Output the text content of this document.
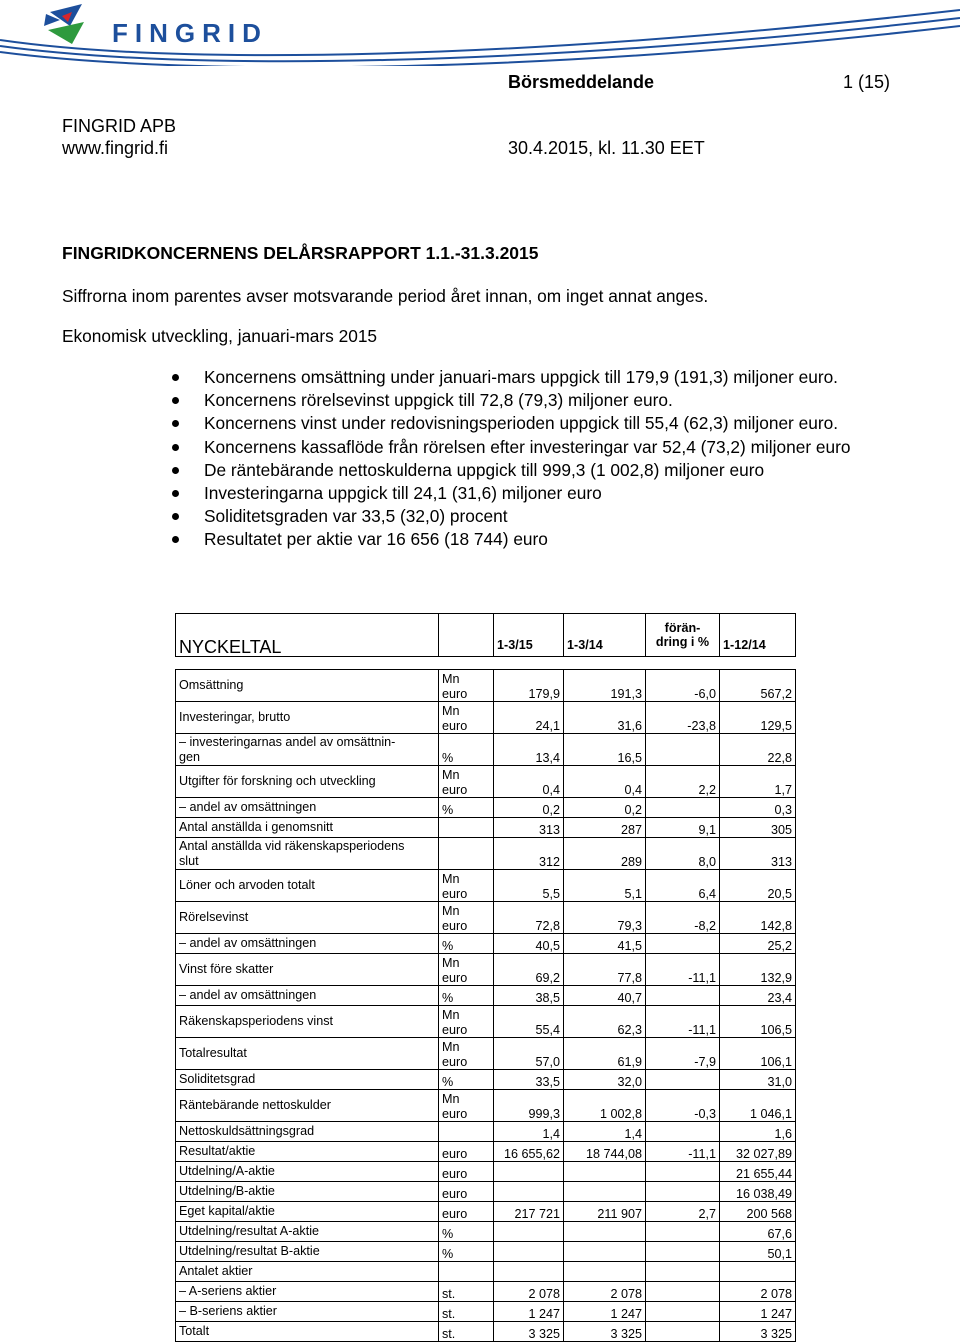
FINGRID
Börsmeddelande	1 (15)
FINGRID APB
www.fingrid.fi	30.4.2015, kl. 11.30 EET
FINGRIDKONCERNENS DELÅRSRAPPORT 1.1.-31.3.2015
Siffrorna inom parentes avser motsvarande period året innan, om inget annat anges.
Ekonomisk utveckling, januari-mars 2015
Koncernens omsättning under januari-mars uppgick till 179,9 (191,3) miljoner euro.
Koncernens rörelsevinst uppgick till 72,8 (79,3) miljoner euro.
Koncernens vinst under redovisningsperioden uppgick till 55,4 (62,3) miljoner euro.
Koncernens kassaflöde från rörelsen efter investeringar var 52,4 (73,2) miljoner euro
De räntebärande nettoskulderna uppgick till 999,3 (1 002,8) miljoner euro
Investeringarna uppgick till 24,1 (31,6) miljoner euro
Soliditetsgraden var 33,5 (32,0) procent
Resultatet per aktie var 16 656 (18 744) euro
NYCKELTAL		1-3/15	1-3/14	förän-
dring i %	1-12/14

Omsättning	Mn
euro	179,9	191,3	-6,0	567,2
Investeringar, brutto	Mn
euro	24,1	31,6	-23,8	129,5
– investeringarnas andel av omsättnin-
gen	%	13,4	16,5		22,8
Utgifter för forskning och utveckling	Mn
euro	0,4	0,4	2,2	1,7
– andel av omsättningen	%	0,2	0,2		0,3
Antal anställda i genomsnitt		313	287	9,1	305
Antal anställda vid räkenskapsperiodens
slut		312	289	8,0	313
Löner och arvoden totalt	Mn
euro	5,5	5,1	6,4	20,5
Rörelsevinst	Mn
euro	72,8	79,3	-8,2	142,8
– andel av omsättningen	%	40,5	41,5		25,2
Vinst före skatter	Mn
euro	69,2	77,8	-11,1	132,9
– andel av omsättningen	%	38,5	40,7		23,4
Räkenskapsperiodens vinst	Mn
euro	55,4	62,3	-11,1	106,5
Totalresultat	Mn
euro	57,0	61,9	-7,9	106,1
Soliditetsgrad	%	33,5	32,0		31,0
Räntebärande nettoskulder	Mn
euro	999,3	1 002,8	-0,3	1 046,1
Nettoskuldsättningsgrad		1,4	1,4		1,6
Resultat/aktie	euro	16 655,62	18 744,08	-11,1	32 027,89
Utdelning/A-aktie	euro				21 655,44
Utdelning/B-aktie	euro				16 038,49
Eget kapital/aktie	euro	217 721	211 907	2,7	200 568
Utdelning/resultat A-aktie	%				67,6
Utdelning/resultat B-aktie	%				50,1
Antalet aktier					
– A-seriens aktier	st.	2 078	2 078		2 078
– B-seriens aktier	st.	1 247	1 247		1 247
Totalt	st.	3 325	3 325		3 325
